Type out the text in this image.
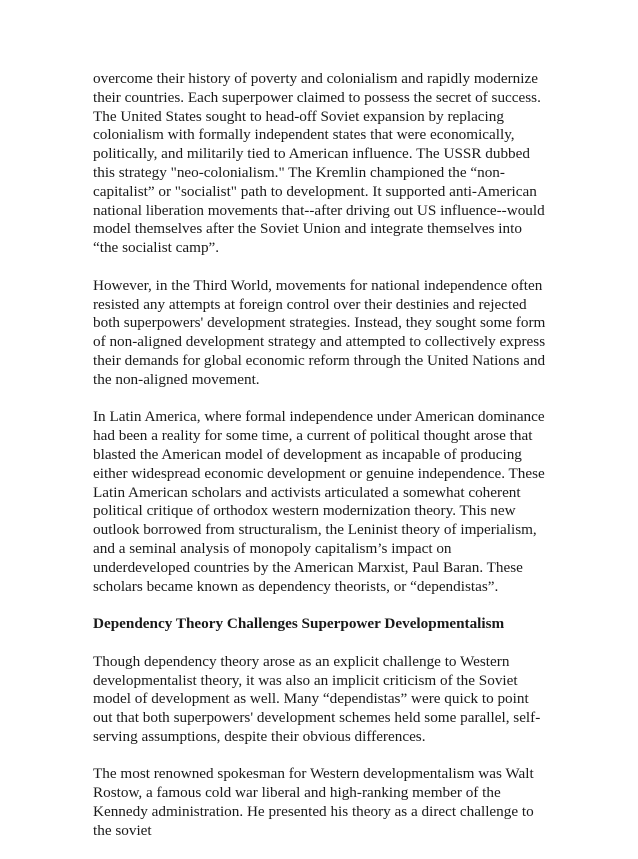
overcome their history of poverty and colonialism and rapidly modernize their countries. Each superpower claimed to possess the secret of success. The United States sought to head-off Soviet expansion by replacing colonialism with formally independent states that were economically, politically, and militarily tied to American influence. The USSR dubbed this strategy "neo-colonialism." The Kremlin championed the “non-capitalist” or "socialist" path to development. It supported anti-American national liberation movements that--after driving out US influence--would model themselves after the Soviet Union and integrate themselves into “the socialist camp”.

However, in the Third World, movements for national independence often resisted any attempts at foreign control over their destinies and rejected both superpowers' development strategies. Instead, they sought some form of non-aligned development strategy and attempted to collectively express their demands for global economic reform through the United Nations and the non-aligned movement.

In Latin America, where formal independence under American dominance had been a reality for some time, a current of political thought arose that blasted the American model of development as incapable of producing either widespread economic development or genuine independence. These Latin American scholars and activists articulated a somewhat coherent political critique of orthodox western modernization theory. This new outlook borrowed from structuralism, the Leninist theory of imperialism, and a seminal analysis of monopoly capitalism’s impact on underdeveloped countries by the American Marxist, Paul Baran. These scholars became known as dependency theorists, or “dependistas”.

Dependency Theory Challenges Superpower Developmentalism

Though dependency theory arose as an explicit challenge to Western developmentalist theory, it was also an implicit criticism of the Soviet model of development as well. Many “dependistas” were quick to point out that both superpowers' development schemes held some parallel, self-serving assumptions, despite their obvious differences.

The most renowned spokesman for Western developmentalism was Walt Rostow, a famous cold war liberal and high-ranking member of the Kennedy administration. He presented his theory as a direct challenge to the soviet
